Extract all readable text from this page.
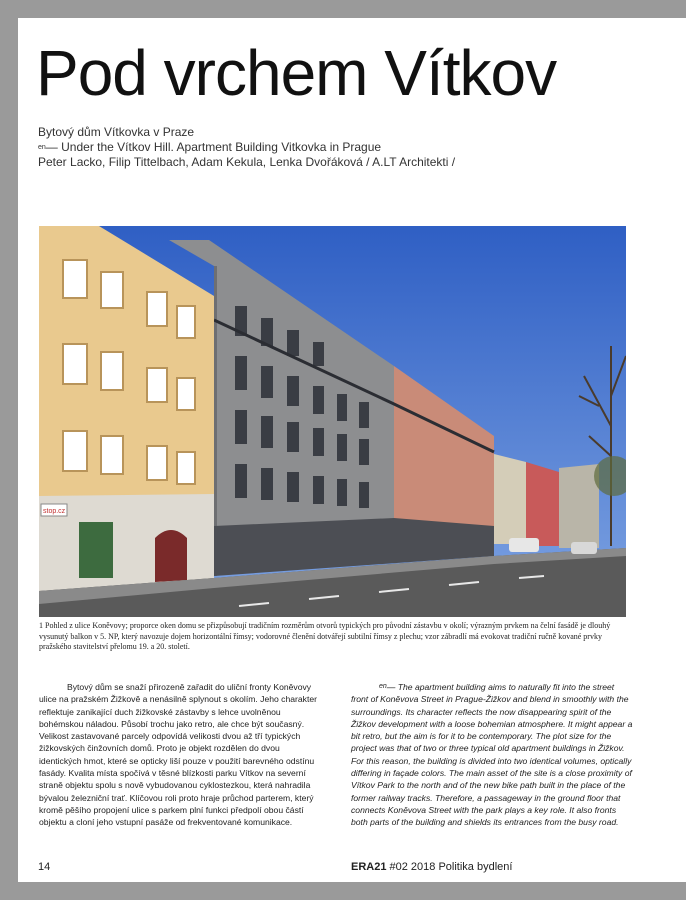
Pod vrchem Vítkov
Bytový dům Vítkovka v Praze
$^{en}$— Under the Vítkov Hill. Apartment Building Vitkovka in Prague
Peter Lacko, Filip Tittelbach, Adam Kekula, Lenka Dvořáková / A.LT Architekti /
stop.cz
1 Pohled z ulice Koněvovy; proporce oken domu se přizpůsobují tradičním rozměrům otvorů typických pro původní zástavbu v okolí; výrazným prvkem na čelní fasádě je dlouhý vysunutý balkon v 5. NP, který navozuje dojem horizontální římsy; vodorovné členění dotvářejí subtilní římsy z plechu; vzor zábradlí má evokovat tradiční ručně kované prvky pražského stavitelství přelomu 19. a 20. století.

Bytový dům se snaží přirozeně zařadit do uliční fronty Koněvovy ulice na pražském Žižkově a nenásilně splynout s okolím. Jeho charakter reflektuje zanikající duch žižkovské zástavby s lehce uvolněnou bohémskou náladou. Působí trochu jako retro, ale chce být současný. Velikost zastavované parcely odpovídá velikosti dvou až tří typických žižkovských činžovních domů. Proto je objekt rozdělen do dvou identických hmot, které se opticky liší pouze v použití barevného odstínu fasády. Kvalita místa spočívá v těsné blízkosti parku Vítkov na severní straně objektu spolu s nově vybudovanou cyklostezkou, která nahradila bývalou železniční trať. Klíčovou roli proto hraje průchod parterem, který kromě pěšího propojení ulice s parkem plní funkci předpolí obou částí objektu a cloní jeho vstupní pasáže od frekventované komunikace.

$^{en}$— The apartment building aims to naturally fit into the street front of Koněvova Street in Prague-Žižkov and blend in smoothly with the surroundings. Its character reflects the now disappearing spirit of the Žižkov development with a loose bohemian atmosphere. It might appear a bit retro, but the aim is for it to be contemporary. The plot size for the project was that of two or three typical old apartment buildings in Žižkov. For this reason, the building is divided into two identical volumes, optically differing in façade colors. The main asset of the site is a close proximity of Vítkov Park to the north and of the new bike path built in the place of the former railway tracks. Therefore, a passageway in the ground floor that connects Koněvova Street with the park plays a key role. It also fronts both parts of the building and shields its entrances from the busy road.

14	ERA21 #02 2018 Politika bydlení
